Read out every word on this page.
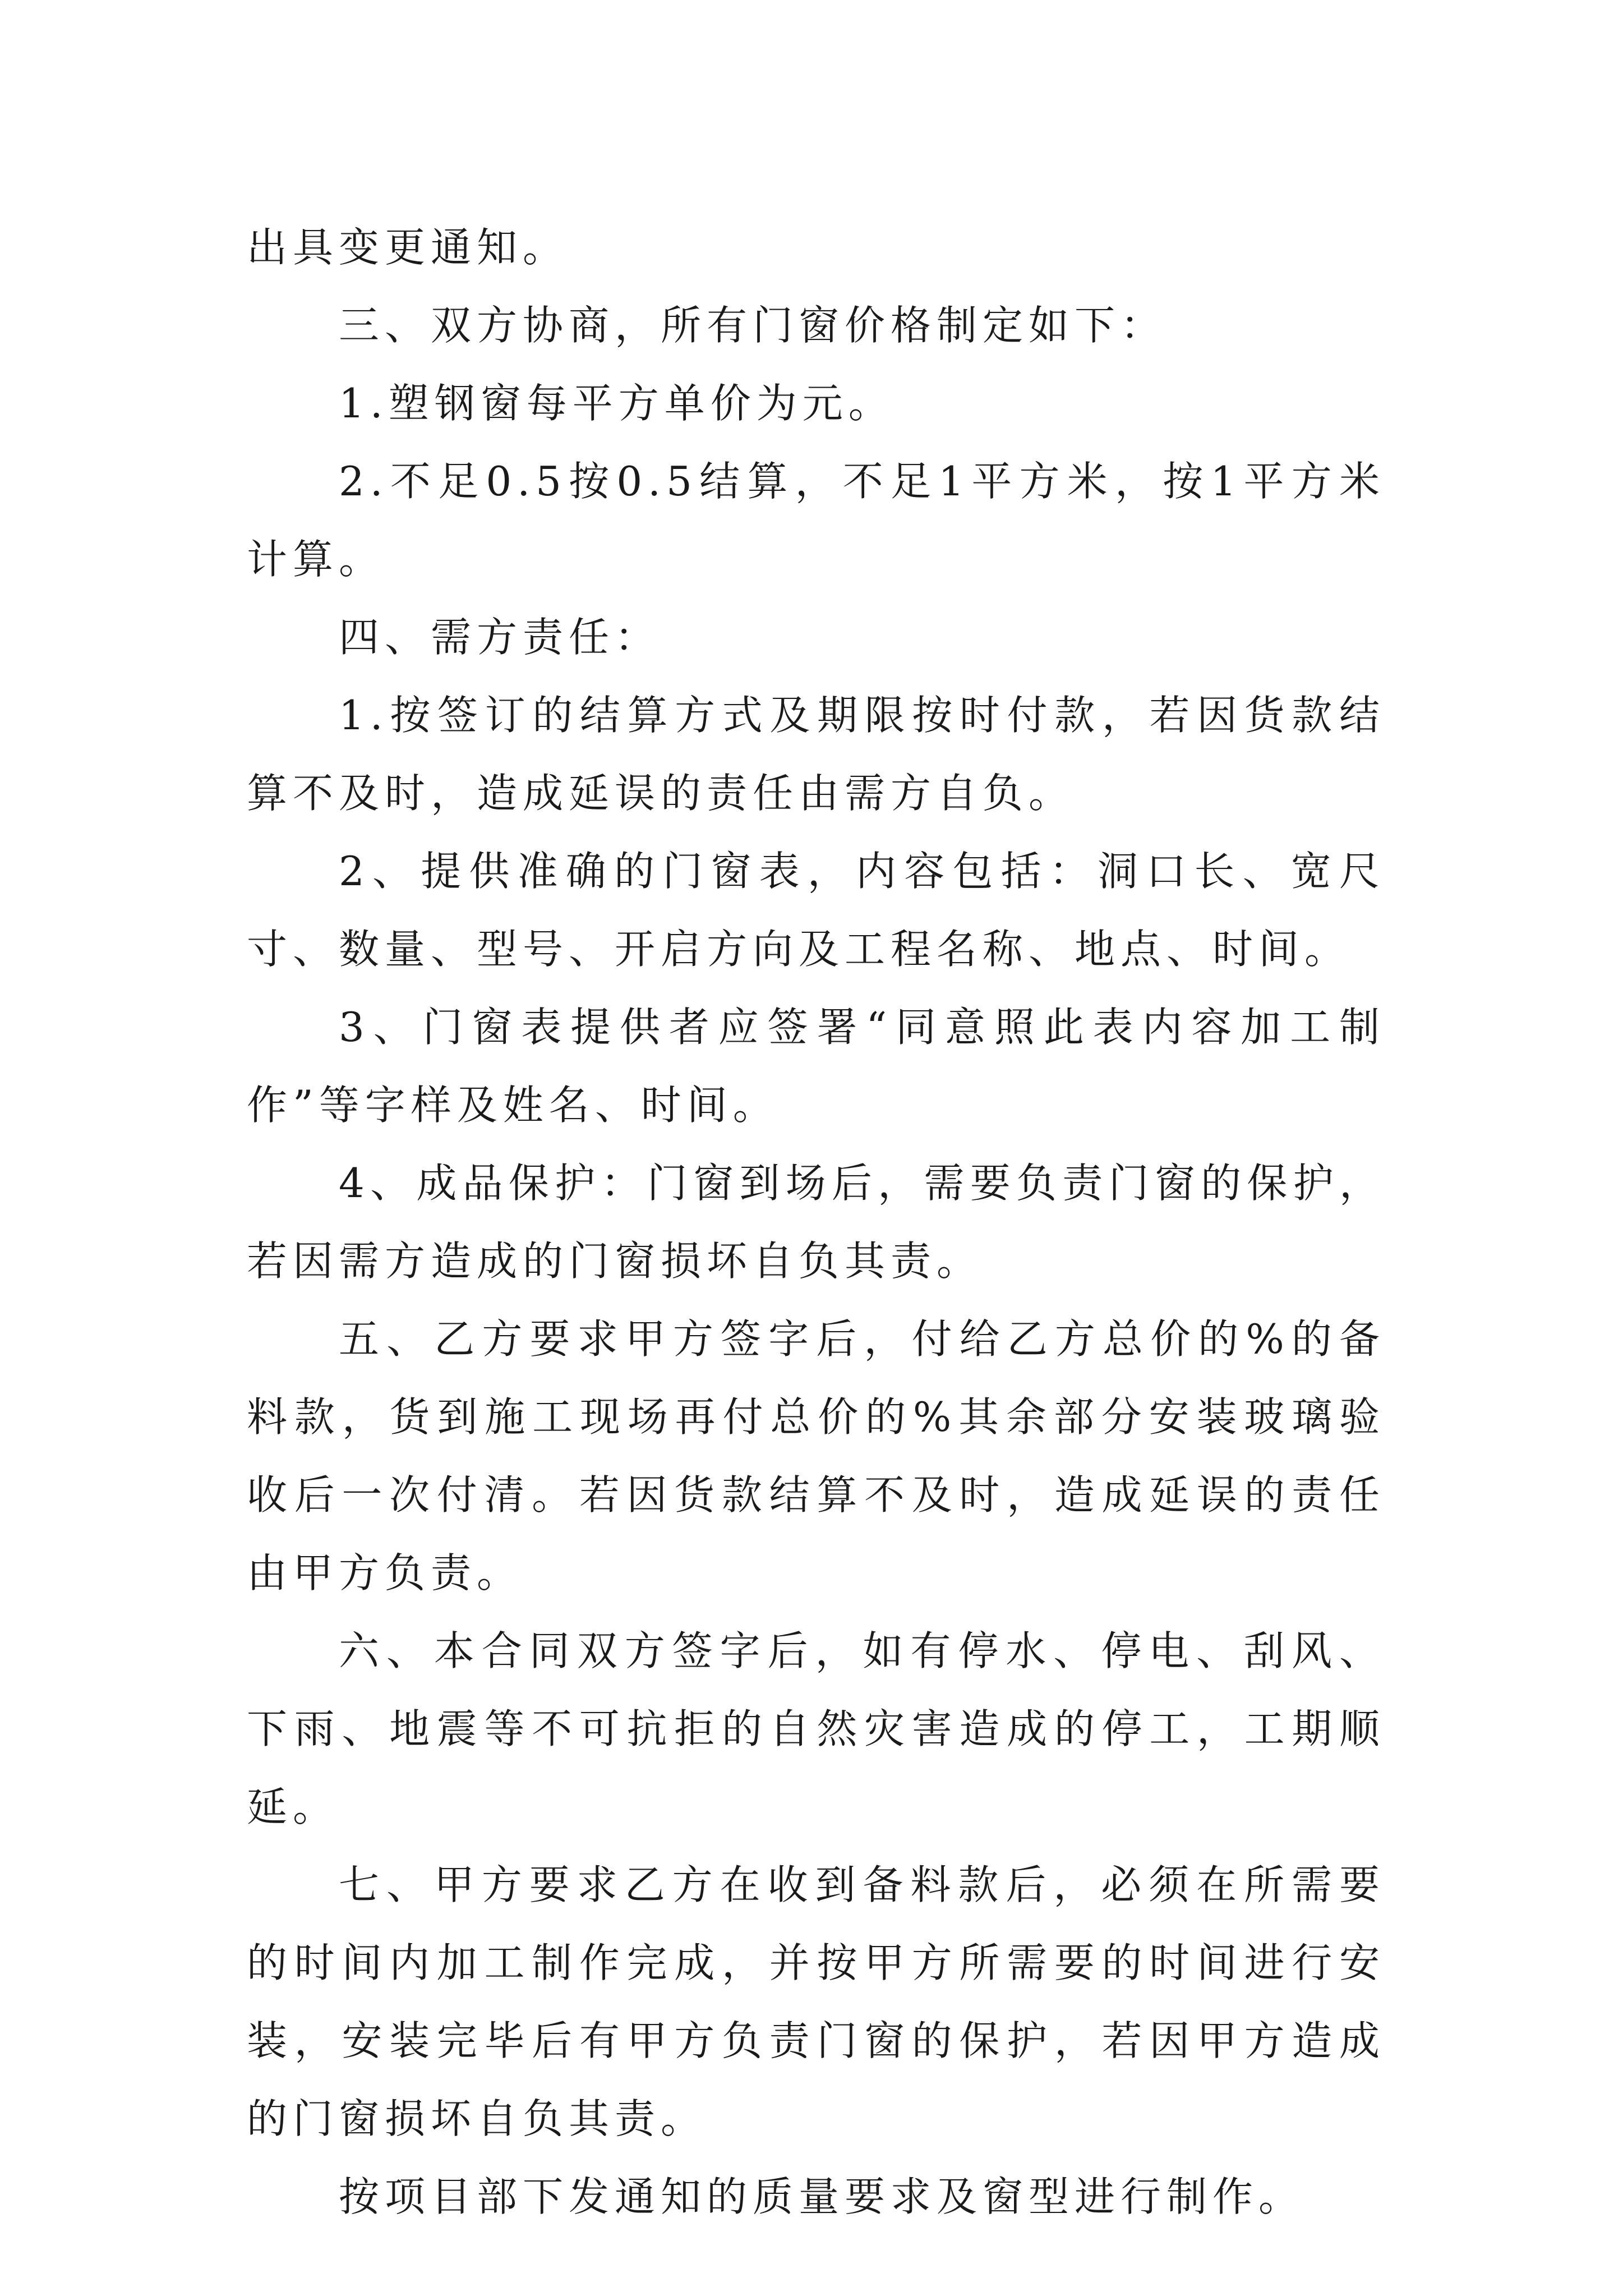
出具变更通知。

三、双方协商，所有门窗价格制定如下：

1.塑钢窗每平方单价为元。

2.不足0.5按0.5结算，不足1平方米，按1平方米计算。

四、需方责任：

1.按签订的结算方式及期限按时付款，若因货款结算不及时，造成延误的责任由需方自负。

2、提供准确的门窗表，内容包括：洞口长、宽尺寸、数量、型号、开启方向及工程名称、地点、时间。

3、门窗表提供者应签署“同意照此表内容加工制作”等字样及姓名、时间。

4、成品保护：门窗到场后，需要负责门窗的保护，若因需方造成的门窗损坏自负其责。

五、乙方要求甲方签字后，付给乙方总价的%的备料款，货到施工现场再付总价的%其余部分安装玻璃验收后一次付清。若因货款结算不及时，造成延误的责任由甲方负责。

六、本合同双方签字后，如有停水、停电、刮风、下雨、地震等不可抗拒的自然灾害造成的停工，工期顺延。

七、甲方要求乙方在收到备料款后，必须在所需要的时间内加工制作完成，并按甲方所需要的时间进行安装，安装完毕后有甲方负责门窗的保护，若因甲方造成的门窗损坏自负其责。

按项目部下发通知的质量要求及窗型进行制作。
